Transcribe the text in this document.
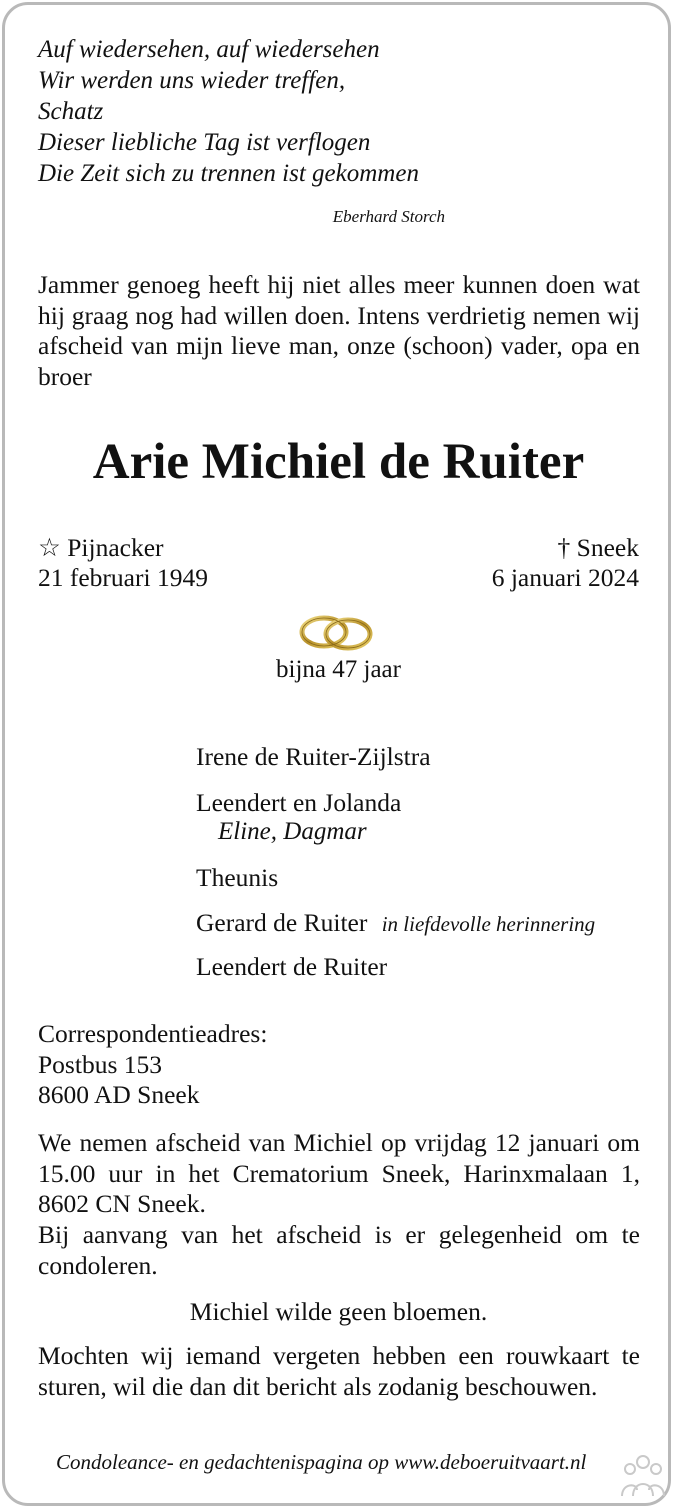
Auf wiedersehen, auf wiedersehen
Wir werden uns wieder treffen,
Schatz
Dieser liebliche Tag ist verflogen
Die Zeit sich zu trennen ist gekommen
Eberhard Storch
Jammer genoeg heeft hij niet alles meer kunnen doen wat hij graag nog had willen doen. Intens verdrietig nemen wij afscheid van mijn lieve man, onze (schoon) vader, opa en broer
Arie Michiel de Ruiter
☆ Pijnacker
21 februari 1949
† Sneek
6 januari 2024
bijna 47 jaar
Irene de Ruiter-Zijlstra
Leendert en Jolanda
Eline, Dagmar
Theunis
Gerard de Ruiter in liefdevolle herinnering
Leendert de Ruiter
Correspondentieadres:
Postbus 153
8600 AD Sneek
We nemen afscheid van Michiel op vrijdag 12 januari om 15.00 uur in het Crematorium Sneek, Harinxmalaan 1, 8602 CN Sneek.
Bij aanvang van het afscheid is er gelegenheid om te condoleren.
Michiel wilde geen bloemen.
Mochten wij iemand vergeten hebben een rouwkaart te sturen, wil die dan dit bericht als zodanig beschouwen.
Condoleance- en gedachtenispagina op www.deboeruitvaart.nl
